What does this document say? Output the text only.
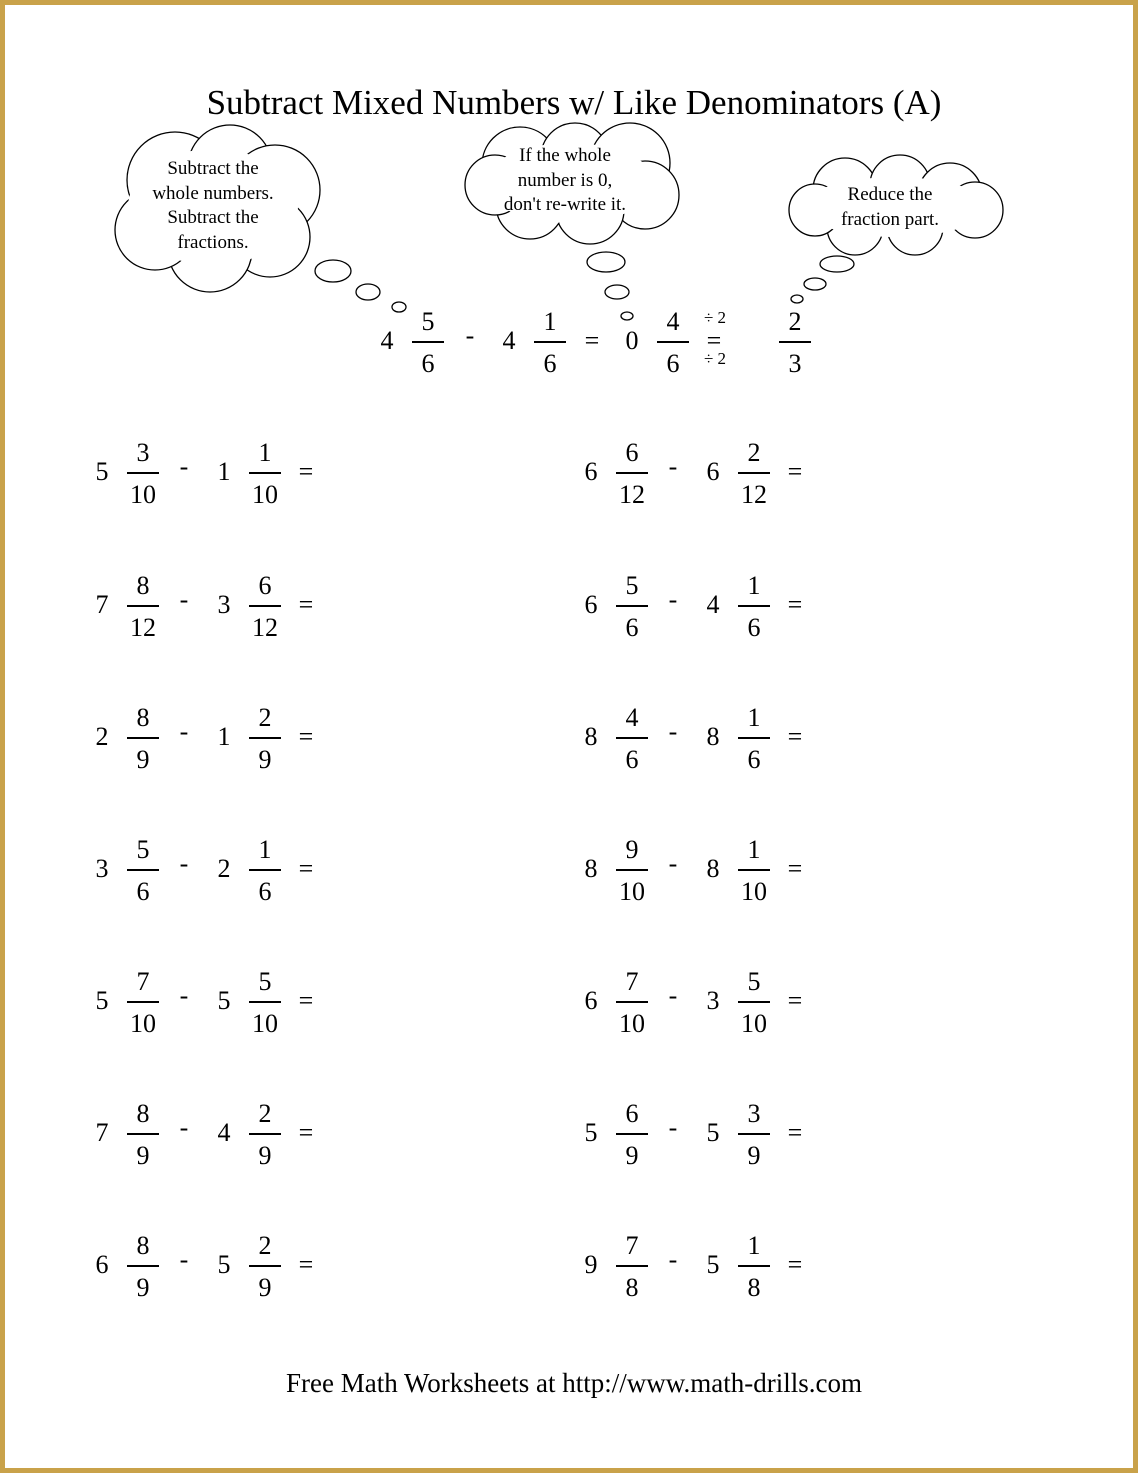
Subtract Mixed Numbers w/ Like Denominators (A)
Subtract the
whole numbers.
Subtract the
fractions.
If the whole
number is 0,
don't re-write it.	Reduce the
fraction part.
4
5
6
-	4
1
6
=	0
4
6
÷ 2
=
÷ 2
2
3
5
3
10
-	1
1
10
=
7
8
12
-	3
6
12
=
2
8
9
-	1
2
9
=
3
5
6
-	2
1
6
=
5
7
10
-	5
5
10
=
7
8
9
-	4
2
9
=
6
8
9
-	5
2
9
=
6
6
12
-	6
2
12
=
6
5
6
-	4
1
6
=
8
4
6
-	8
1
6
=
8
9
10
-	8
1
10
=
6
7
10
-	3
5
10
=
5
6
9
-	5
3
9
=
9
7
8
-	5
1
8
=
Free Math Worksheets at http://www.math-drills.com
